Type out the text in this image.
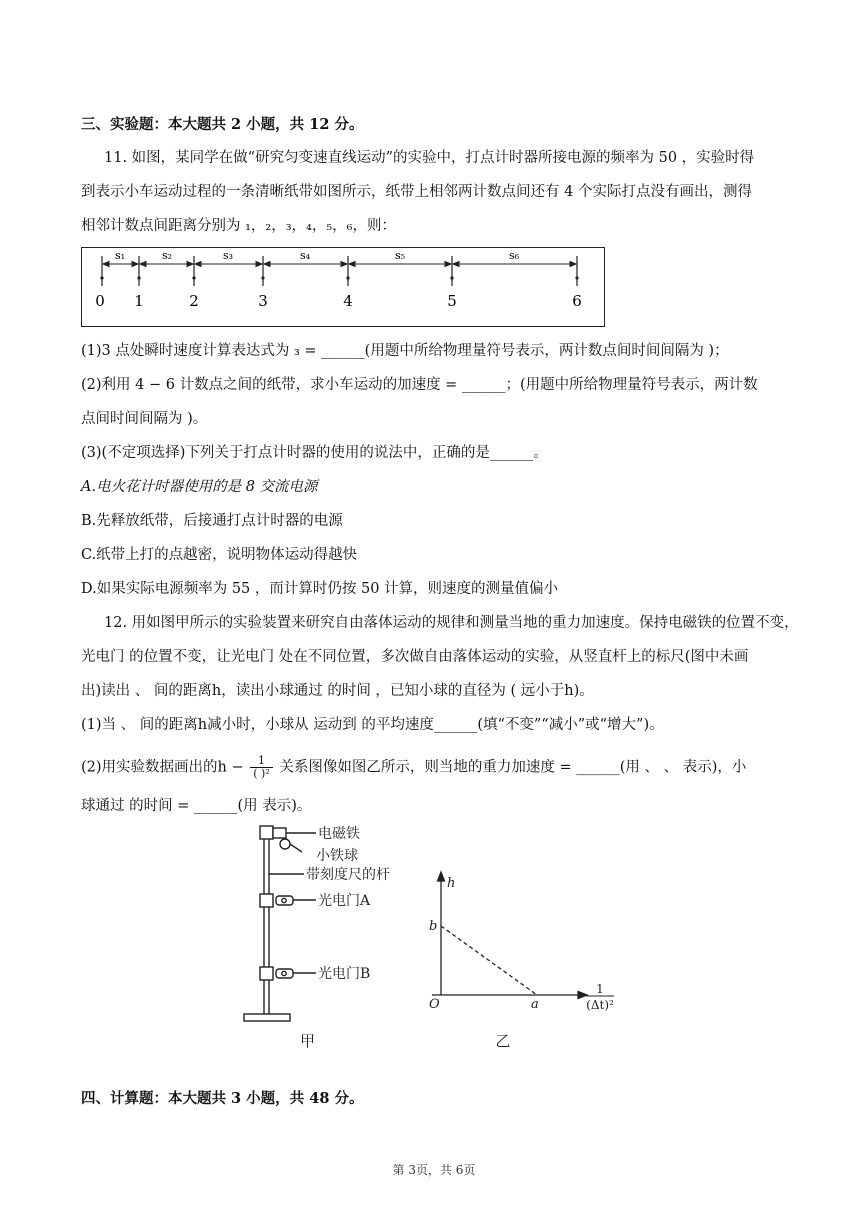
三、实验题：本大题共 2 小题，共 12 分。
11. 如图，某同学在做“研究匀变速直线运动”的实验中，打点计时器所接电源的频率为 50 ，实验时得
到表示小车运动过程的一条清晰纸带如图所示，纸带上相邻两计数点间还有 4 个实际打点没有画出，测得
相邻计数点间距离分别为 ₁，₂，₃，₄，₅，₆，则：
s₁	s₂	s₃	s₄	s₅	s₆
0 1	2	3	4	5	6
(1)3 点处瞬时速度计算表达式为 ₃ = ______(用题中所给物理量符号表示，两计数点间时间间隔为 )；
(2)利用 4 − 6 计数点之间的纸带，求小车运动的加速度 = ______；(用题中所给物理量符号表示，两计数
点间时间间隔为 )。
(3)(不定项选择)下列关于打点计时器的使用的说法中，正确的是______。
A.电火花计时器使用的是 8 交流电源
B.先释放纸带，后接通打点计时器的电源
C.纸带上打的点越密，说明物体运动得越快
D.如果实际电源频率为 55 ，而计算时仍按 50 计算，则速度的测量值偏小
12. 用如图甲所示的实验装置来研究自由落体运动的规律和测量当地的重力加速度。保持电磁铁的位置不变，
光电门 的位置不变，让光电门 处在不同位置，多次做自由落体运动的实验，从竖直杆上的标尺(图中未画
出)读出 、 间的距离h，读出小球通过 的时间 ，已知小球的直径为 ( 远小于h)。
(1)当 、 间的距离h减小时，小球从 运动到 的平均速度______(填“不变”“减小”或“增大”)。
(2)用实验数据画出的h −	1
( )² 关系图像如图乙所示，则当地的重力加速度 = ______(用 、 、 表示)，小
球通过 的时间 = ______(用 表示)。
电磁铁
小铁球
带刻度尺的杆
光电门A
光电门B
甲
h
b
O	a
1
(Δt)²
乙
四、计算题：本大题共 3 小题，共 48 分。
第 3页，共 6页
